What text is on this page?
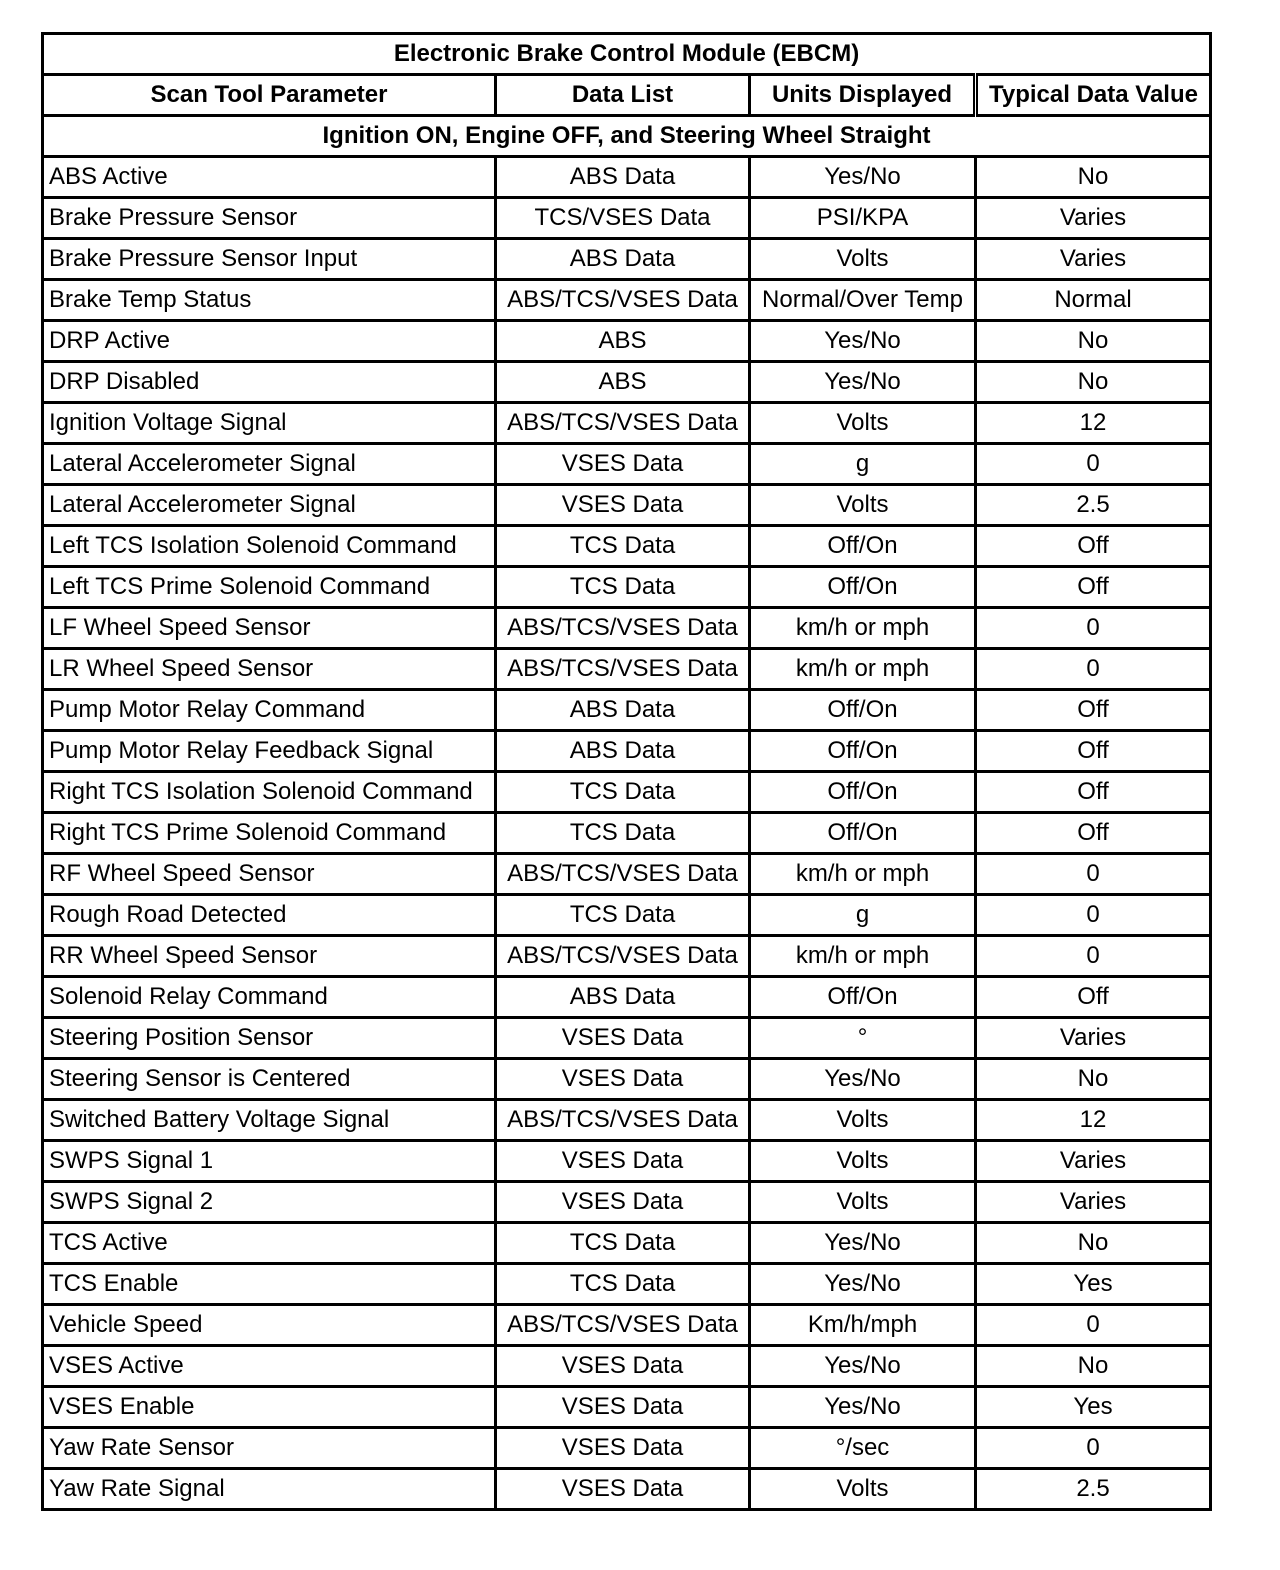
Electronic Brake Control Module (EBCM)			
Scan Tool Parameter	Data List	Units Displayed	Typical Data Value
Ignition ON, Engine OFF, and Steering Wheel Straight			
ABS Active	ABS Data	Yes/No	No
Brake Pressure Sensor	TCS/VSES Data	PSI/KPA	Varies
Brake Pressure Sensor Input	ABS Data	Volts	Varies
Brake Temp Status	ABS/TCS/VSES Data	Normal/Over Temp	Normal
DRP Active	ABS	Yes/No	No
DRP Disabled	ABS	Yes/No	No
Ignition Voltage Signal	ABS/TCS/VSES Data	Volts	12
Lateral Accelerometer Signal	VSES Data	g	0
Lateral Accelerometer Signal	VSES Data	Volts	2.5
Left TCS Isolation Solenoid Command	TCS Data	Off/On	Off
Left TCS Prime Solenoid Command	TCS Data	Off/On	Off
LF Wheel Speed Sensor	ABS/TCS/VSES Data	km/h or mph	0
LR Wheel Speed Sensor	ABS/TCS/VSES Data	km/h or mph	0
Pump Motor Relay Command	ABS Data	Off/On	Off
Pump Motor Relay Feedback Signal	ABS Data	Off/On	Off
Right TCS Isolation Solenoid Command	TCS Data	Off/On	Off
Right TCS Prime Solenoid Command	TCS Data	Off/On	Off
RF Wheel Speed Sensor	ABS/TCS/VSES Data	km/h or mph	0
Rough Road Detected	TCS Data	g	0
RR Wheel Speed Sensor	ABS/TCS/VSES Data	km/h or mph	0
Solenoid Relay Command	ABS Data	Off/On	Off
Steering Position Sensor	VSES Data	°	Varies
Steering Sensor is Centered	VSES Data	Yes/No	No
Switched Battery Voltage Signal	ABS/TCS/VSES Data	Volts	12
SWPS Signal 1	VSES Data	Volts	Varies
SWPS Signal 2	VSES Data	Volts	Varies
TCS Active	TCS Data	Yes/No	No
TCS Enable	TCS Data	Yes/No	Yes
Vehicle Speed	ABS/TCS/VSES Data	Km/h/mph	0
VSES Active	VSES Data	Yes/No	No
VSES Enable	VSES Data	Yes/No	Yes
Yaw Rate Sensor	VSES Data	°/sec	0
Yaw Rate Signal	VSES Data	Volts	2.5
